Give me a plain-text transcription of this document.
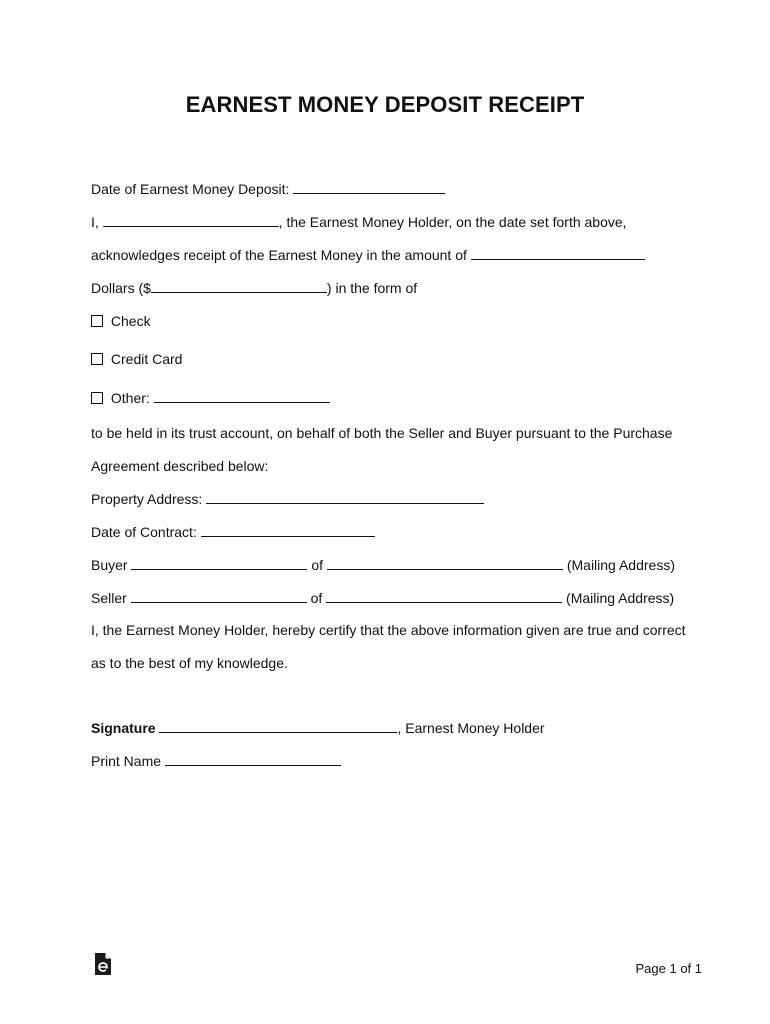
EARNEST MONEY DEPOSIT RECEIPT
Date of Earnest Money Deposit:
I,	, the Earnest Money Holder, on the date set forth above,
acknowledges receipt of the Earnest Money in the amount of
Dollars ($	) in the form of
Check
Credit Card
Other:
to be held in its trust account, on behalf of both the Seller and Buyer pursuant to the Purchase
Agreement described below:
Property Address:
Date of Contract:
Buyer	of	(Mailing Address)
Seller	of	(Mailing Address)
I, the Earnest Money Holder, hereby certify that the above information given are true and correct
as to the best of my knowledge.
Signature	, Earnest Money Holder
Print Name
Page 1 of 1
